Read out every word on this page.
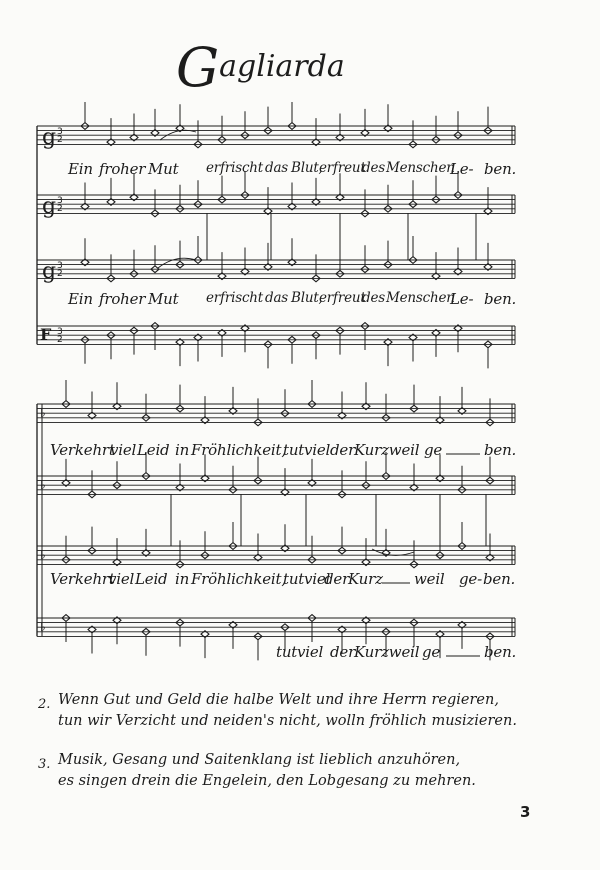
Gagliarda
g 3
2
g 3
2
g 3
2
F 3
2
♭
♭
♭
♭
Ein froher Mut erfrischt das Blut,
erfreut
des Menschen
Le- ben.
Ein froher Mut erfrischt das Blut,
erfreut
des Menschen
Le- ben.
Verkehrt
viel Leid in Fröhlichkeit,
tut viel der
Kurzweil ge	ben.
Verkehrt
viel Leid in Fröhlichkeit,
tut viel
der
Kurz weil ge- ben.
tut viel der
Kurzweil ge	ben.
2. Wenn Gut und Geld die halbe Welt und ihre Herrn regieren,
tun wir Verzicht und neiden's nicht, wolln fröhlich musizieren.
3. Musik, Gesang und Saitenklang ist lieblich anzuhören,
es singen drein die Engelein, den Lobgesang zu mehren.
3
